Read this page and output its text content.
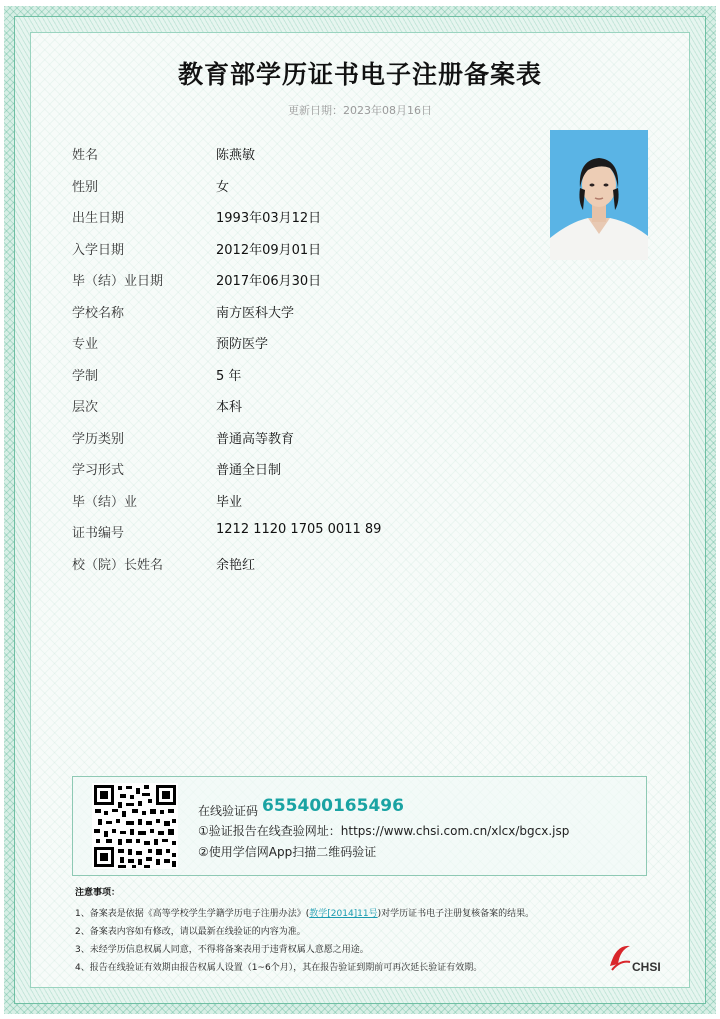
教育部学历证书电子注册备案表
更新日期：2023年08月16日
姓名	陈燕敏
性别	女
出生日期	1993年03月12日
入学日期	2012年09月01日
毕（结）业日期	2017年06月30日
学校名称	南方医科大学
专业	预防医学
学制	5 年
层次	本科
学历类别	普通高等教育
学习形式	普通全日制
毕（结）业	毕业
证书编号	1212 1120 1705 0011 89
校（院）长姓名	余艳红
在线验证码 655400165496
①验证报告在线查验网址：https://www.chsi.com.cn/xlcx/bgcx.jsp
②使用学信网App扫描二维码验证
注意事项：
1、备案表是依据《高等学校学生学籍学历电子注册办法》(教学[2014]11号)对学历证书电子注册复核备案的结果。
2、备案表内容如有修改，请以最新在线验证的内容为准。
3、未经学历信息权属人同意，不得将备案表用于违背权属人意愿之用途。
4、报告在线验证有效期由报告权属人设置（1~6个月），其在报告验证到期前可再次延长验证有效期。	CHSI
